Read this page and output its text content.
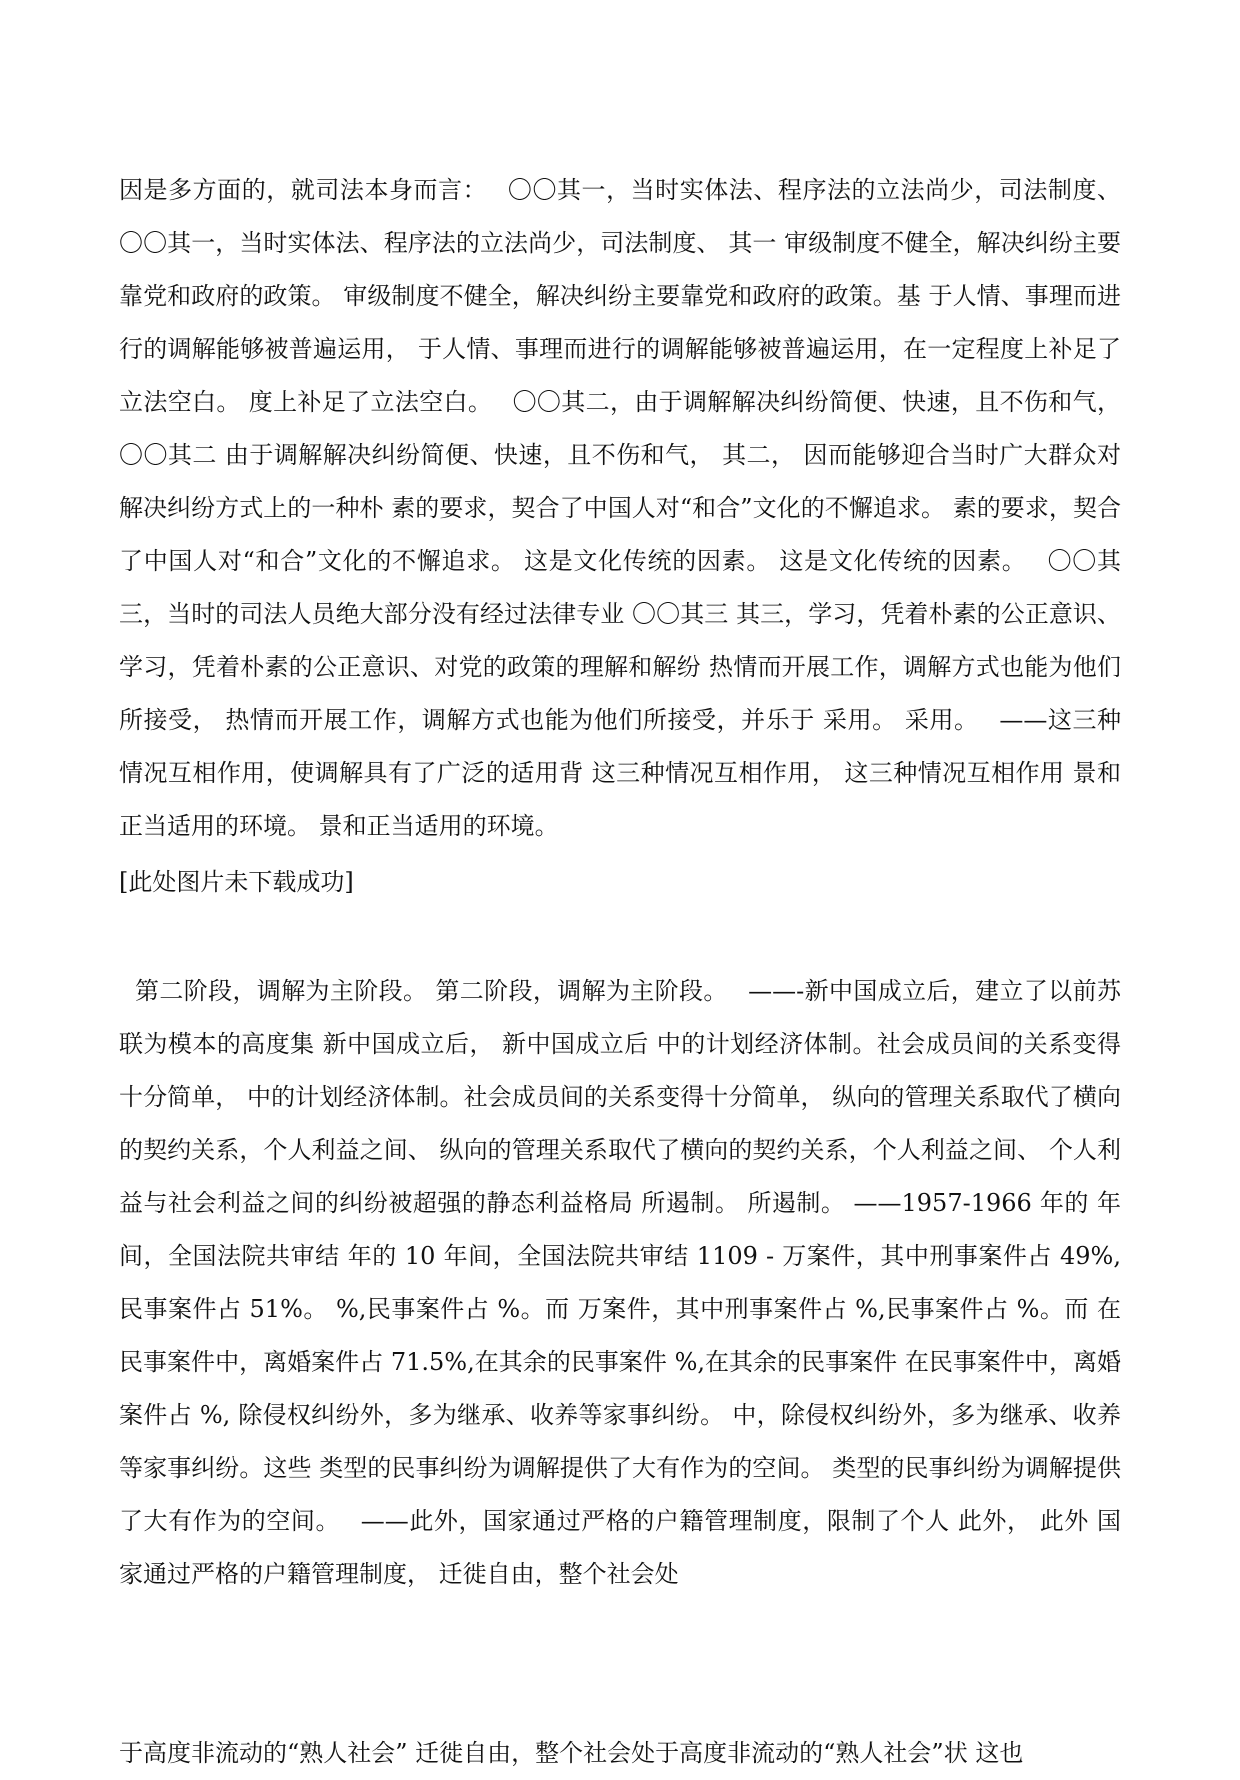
因是多方面的，就司法本身而言：　 〇〇其一，当时实体法、程序法的立法尚少，司法制度、 〇〇其一，当时实体法、程序法的立法尚少，司法制度、 其一 审级制度不健全，解决纠纷主要靠党和政府的政策。 审级制度不健全，解决纠纷主要靠党和政府的政策。基 于人情、事理而进行的调解能够被普遍运用， 于人情、事理而进行的调解能够被普遍运用，在一定程度上补足了立法空白。 度上补足了立法空白。　 〇〇其二，由于调解解决纠纷简便、快速，且不伤和气， 〇〇其二 由于调解解决纠纷简便、快速，且不伤和气， 其二， 因而能够迎合当时广大群众对解决纠纷方式上的一种朴 素的要求，契合了中国人对“和合”文化的不懈追求。 素的要求，契合了中国人对“和合”文化的不懈追求。 这是文化传统的因素。 这是文化传统的因素。　 〇〇其三，当时的司法人员绝大部分没有经过法律专业 〇〇其三 其三，学习，凭着朴素的公正意识、 学习，凭着朴素的公正意识、对党的政策的理解和解纷 热情而开展工作，调解方式也能为他们所接受， 热情而开展工作，调解方式也能为他们所接受，并乐于 采用。 采用。　 ——这三种情况互相作用，使调解具有了广泛的适用背 这三种情况互相作用， 这三种情况互相作用 景和正当适用的环境。 景和正当适用的环境。

[此处图片未下载成功]

第二阶段，调解为主阶段。 第二阶段，调解为主阶段。　 ——-新中国成立后，建立了以前苏联为模本的高度集 新中国成立后， 新中国成立后 中的计划经济体制。社会成员间的关系变得十分简单， 中的计划经济体制。社会成员间的关系变得十分简单， 纵向的管理关系取代了横向的契约关系，个人利益之间、 纵向的管理关系取代了横向的契约关系，个人利益之间、 个人利益与社会利益之间的纠纷被超强的静态利益格局 所遏制。 所遏制。 ——1957-1966 年的 年间，全国法院共审结 年的 10 年间，全国法院共审结 1109 - 万案件，其中刑事案件占 49%,民事案件占 51%。 %,民事案件占 %。而 万案件，其中刑事案件占 %,民事案件占 %。而 在民事案件中，离婚案件占 71.5%,在其余的民事案件 %,在其余的民事案件 在民事案件中，离婚案件占 %, 除侵权纠纷外，多为继承、收养等家事纠纷。 中，除侵权纠纷外，多为继承、收养等家事纠纷。这些 类型的民事纠纷为调解提供了大有作为的空间。 类型的民事纠纷为调解提供了大有作为的空间。　 ——此外，国家通过严格的户籍管理制度，限制了个人 此外， 此外 国家通过严格的户籍管理制度， 迁徙自由，整个社会处

于高度非流动的“熟人社会” 迁徙自由，整个社会处于高度非流动的“熟人社会”状 这也
